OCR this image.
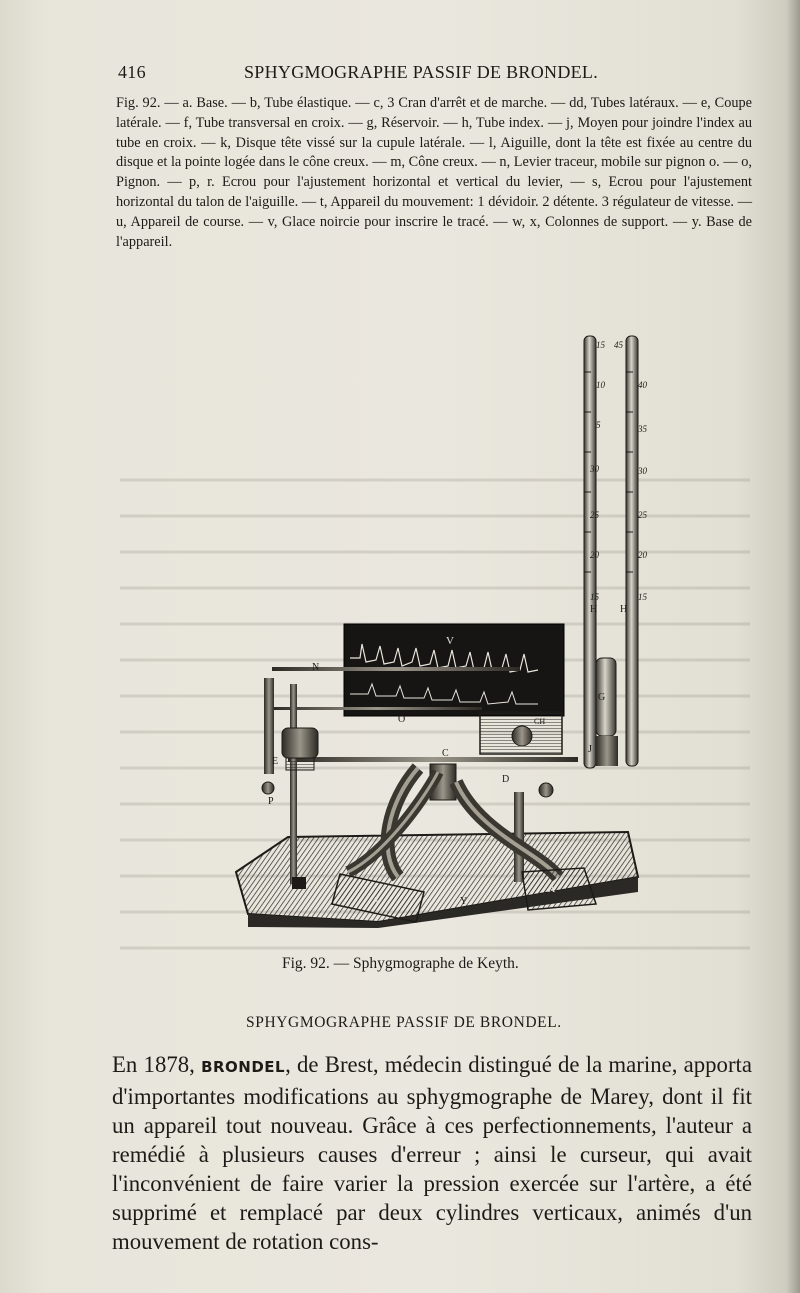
416	SPHYGMOGRAPHE PASSIF DE BRONDEL.
Fig. 92. — a. Base. — b, Tube élastique. — c, 3 Cran d'arrêt et de marche. — dd, Tubes latéraux. — e, Coupe latérale. — f, Tube transversal en croix. — g, Réservoir. — h, Tube index. — j, Moyen pour joindre l'index au tube en croix. — k, Disque tête vissé sur la cupule latérale. — l, Aiguille, dont la tête est fixée au centre du disque et la pointe logée dans le cône creux. — m, Cône creux. — n, Levier traceur, mobile sur pignon o. — o, Pignon. — p, r. Ecrou pour l'ajustement horizontal et vertical du levier, — s, Ecrou pour l'ajustement horizontal du talon de l'aiguille. — t, Appareil du mouvement: 1 dévidoir. 2 détente. 3 régulateur de vitesse. — u, Appareil de course. — v, Glace noircie pour inscrire le tracé. — w, x, Colonnes de support. — y. Base de l'appareil.
15
10
5
30
25
20
15
45
40
35
30
25
20
15
V
H H
G
J
CH
A
A
Y
P
E
D
C
N
O
Fig. 92. — Sphygmographe de Keyth.
SPHYGMOGRAPHE PASSIF DE BRONDEL.
En 1878, BRONDEL, de Brest, médecin distingué de la marine, apporta d'importantes modifications au sphygmographe de Marey, dont il fit un appareil tout nouveau. Grâce à ces perfectionnements, l'auteur a remédié à plusieurs causes d'erreur ; ainsi le curseur, qui avait l'inconvénient de faire varier la pression exercée sur l'artère, a été supprimé et remplacé par deux cylindres verticaux, animés d'un mouvement de rotation cons-
